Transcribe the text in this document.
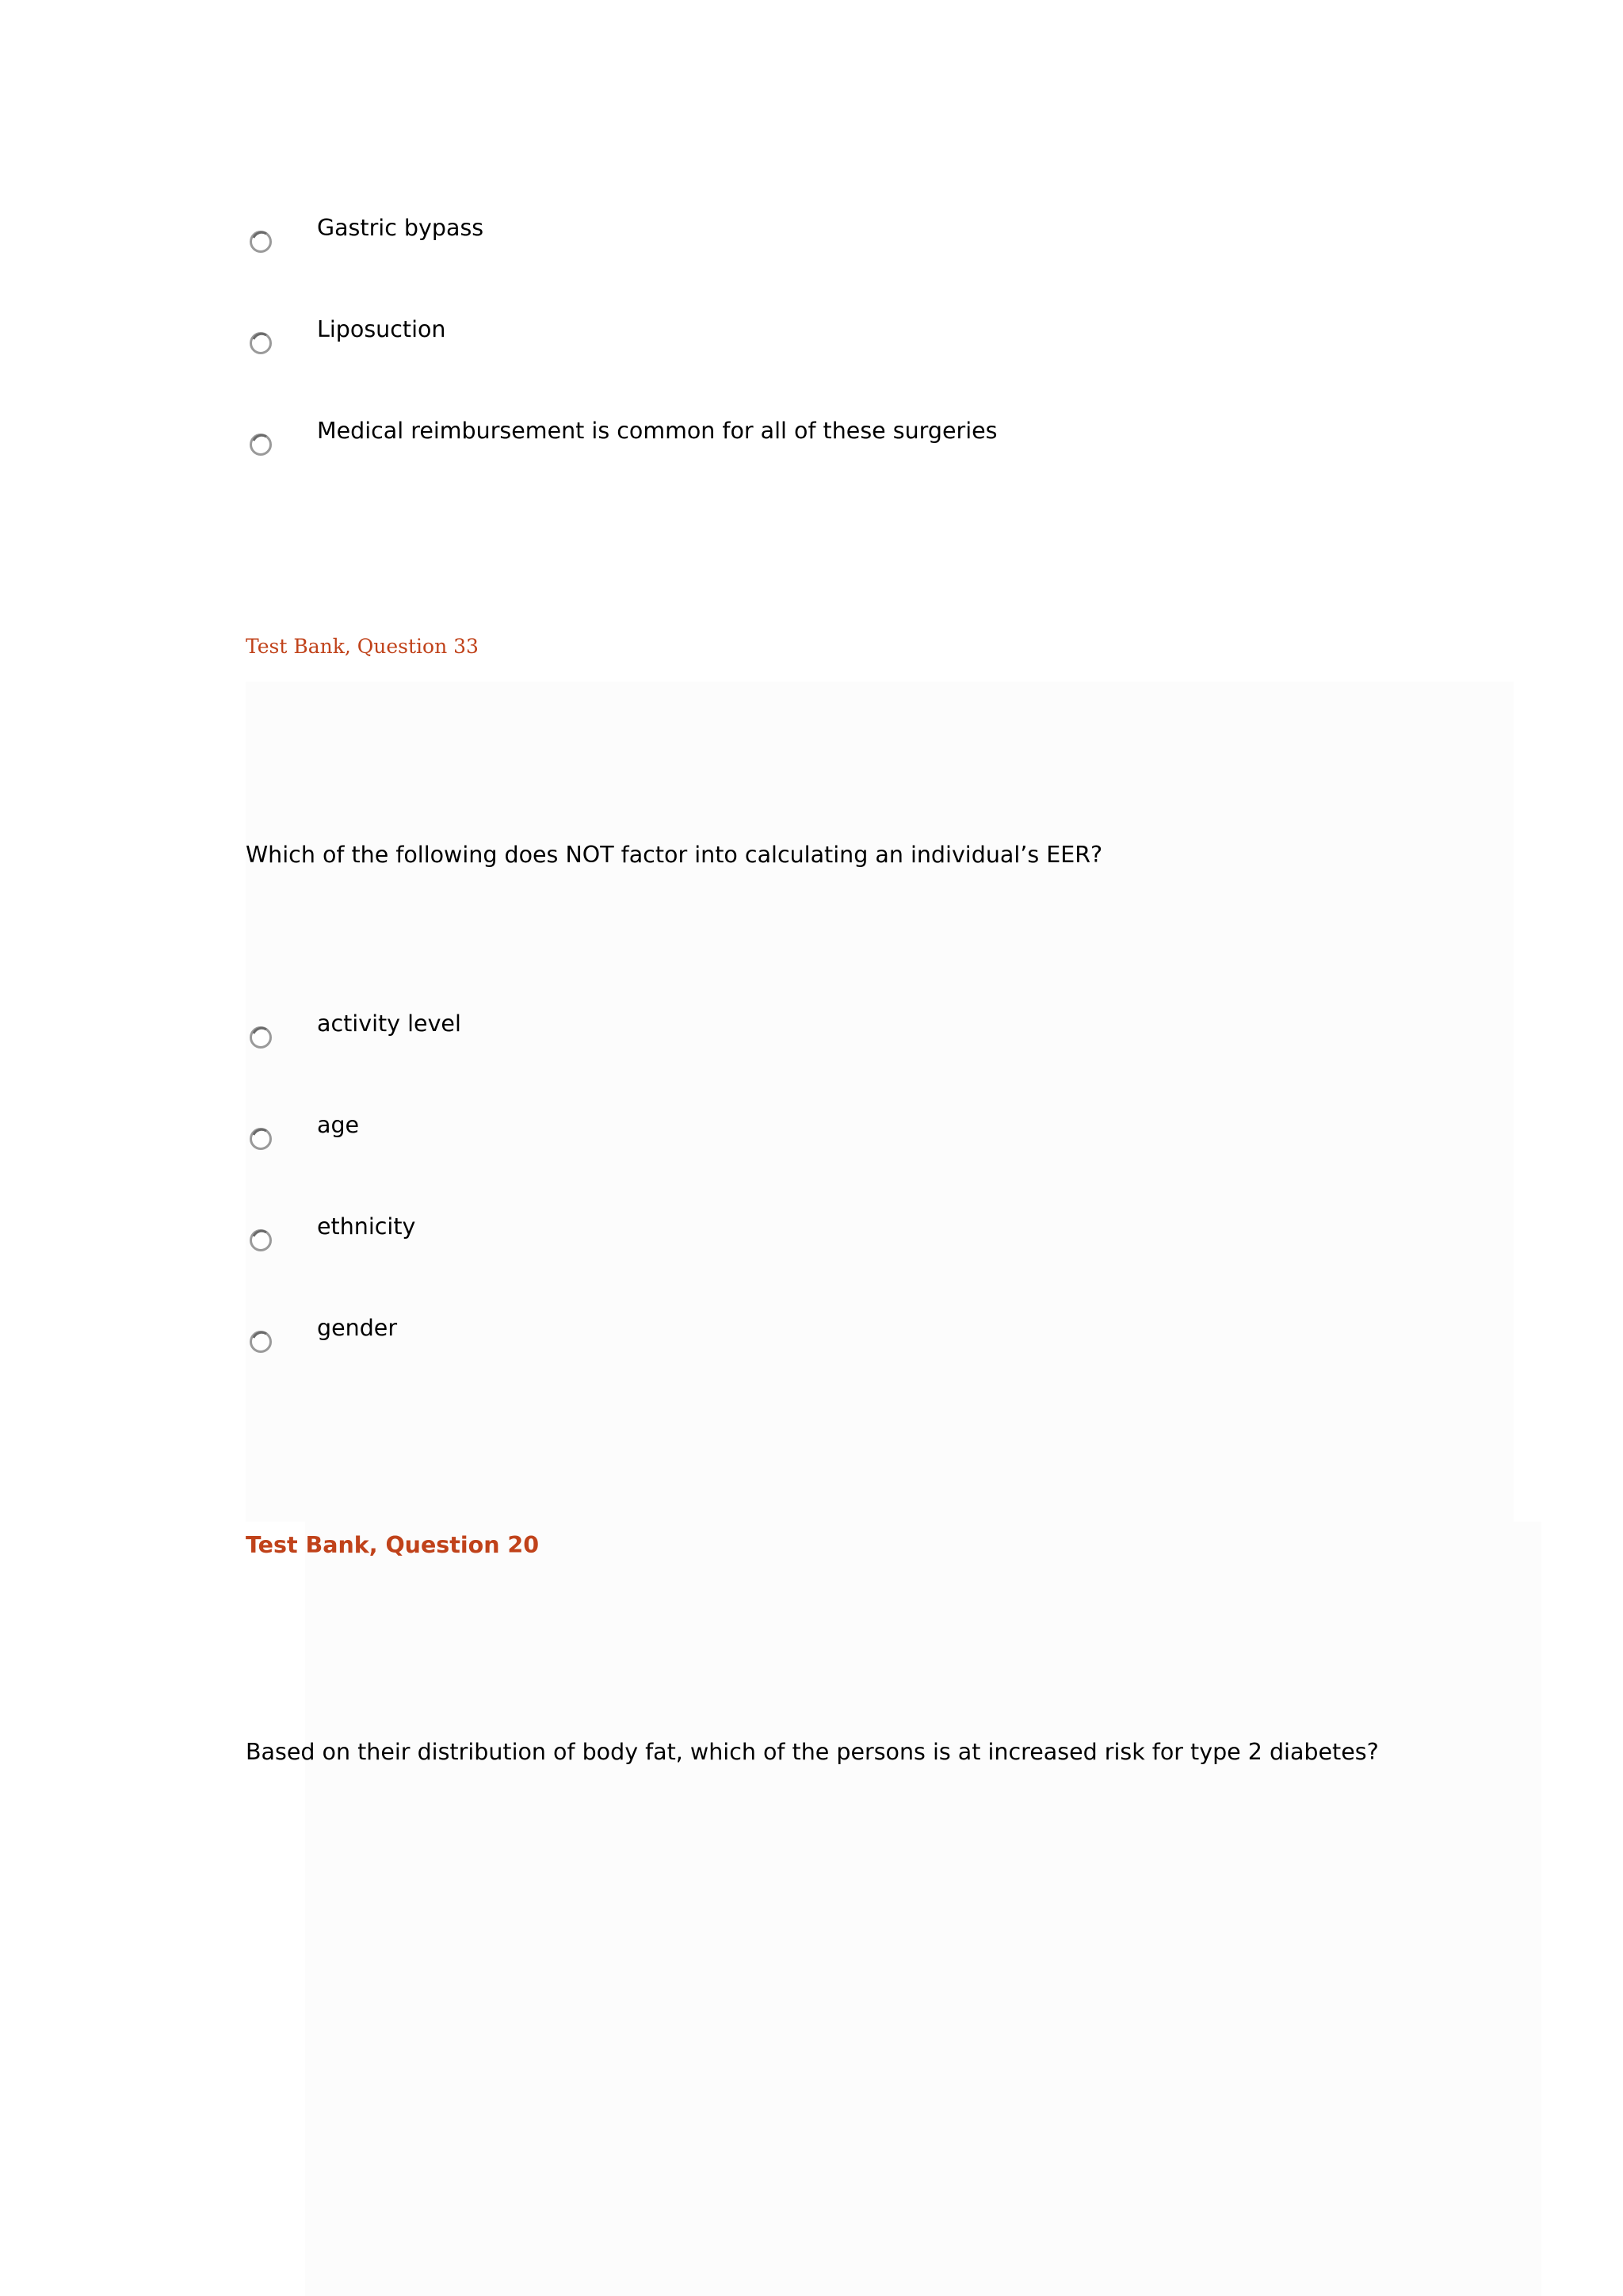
Gastric bypass
Liposuction
Medical reimbursement is common for all of these surgeries
Test Bank, Question 33
Which of the following does NOT factor into calculating an individual’s EER?
activity level
age
ethnicity
gender
Test Bank, Question 20
Based on their distribution of body fat, which of the persons is at increased risk for type 2 diabetes?
